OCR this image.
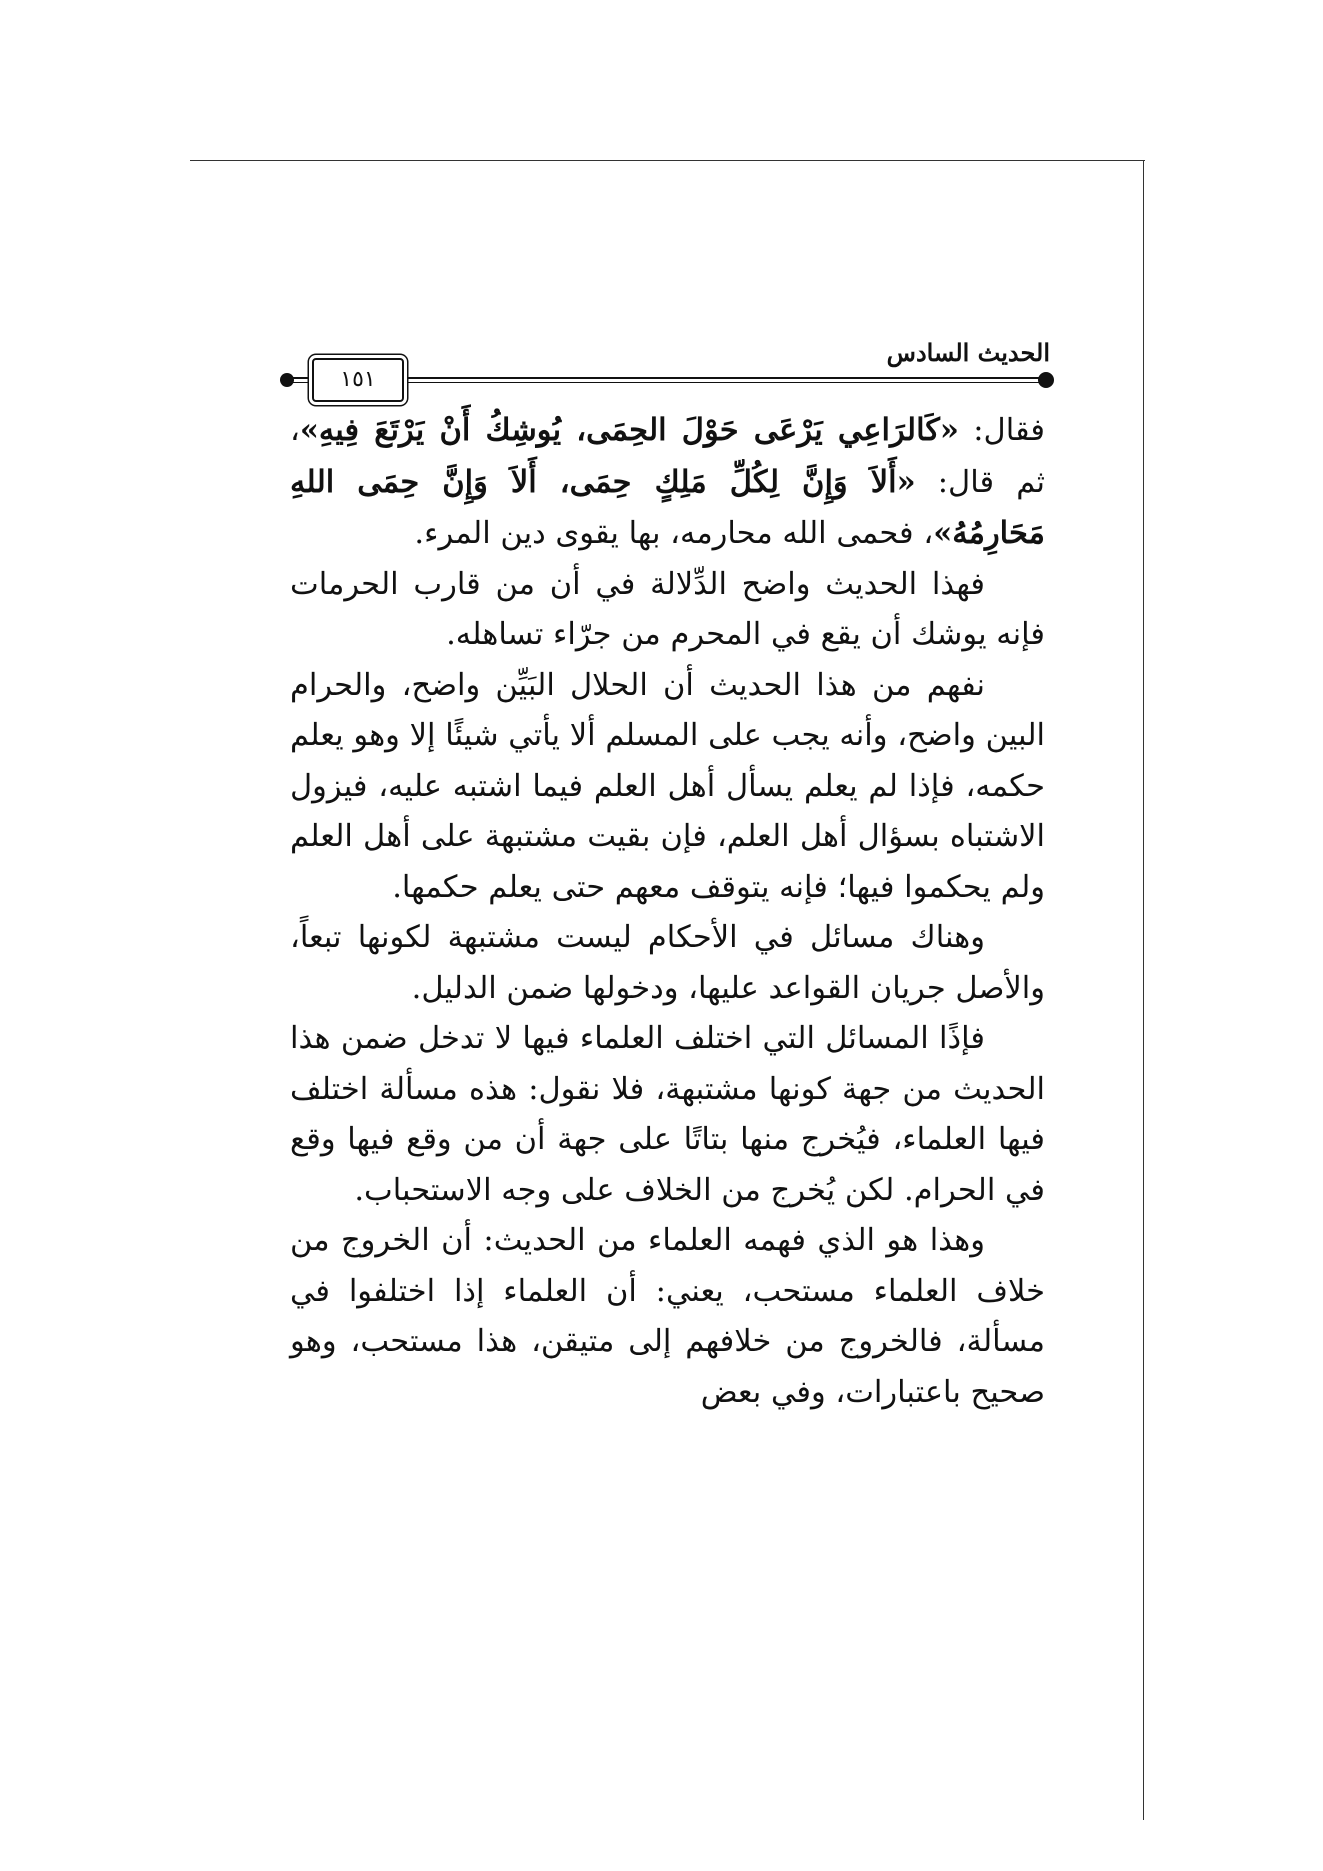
الحديث السادس
١٥١

فقال: «كَالرَاعِي يَرْعَى حَوْلَ الحِمَى، يُوشِكُ أَنْ يَرْتَعَ فِيهِ»، ثم قال: «أَلاَ وَإِنَّ لِكُلِّ مَلِكٍ حِمَى، أَلاَ وَإِنَّ حِمَى اللهِ مَحَارِمُهُ»، فحمى الله محارمه، بها يقوى دين المرء.

فهذا الحديث واضح الدِّلالة في أن من قارب الحرمات فإنه يوشك أن يقع في المحرم من جرّاء تساهله.

نفهم من هذا الحديث أن الحلال البَيِّن واضح، والحرام البين واضح، وأنه يجب على المسلم ألا يأتي شيئًا إلا وهو يعلم حكمه، فإذا لم يعلم يسأل أهل العلم فيما اشتبه عليه، فيزول الاشتباه بسؤال أهل العلم، فإن بقيت مشتبهة على أهل العلم ولم يحكموا فيها؛ فإنه يتوقف معهم حتى يعلم حكمها.

وهناك مسائل في الأحكام ليست مشتبهة لكونها تبعاً، والأصل جريان القواعد عليها، ودخولها ضمن الدليل.

فإذًا المسائل التي اختلف العلماء فيها لا تدخل ضمن هذا الحديث من جهة كونها مشتبهة، فلا نقول: هذه مسألة اختلف فيها العلماء، فيُخرج منها بتاتًا على جهة أن من وقع فيها وقع في الحرام. لكن يُخرج من الخلاف على وجه الاستحباب.

وهذا هو الذي فهمه العلماء من الحديث: أن الخروج من خلاف العلماء مستحب، يعني: أن العلماء إذا اختلفوا في مسألة، فالخروج من خلافهم إلى متيقن، هذا مستحب، وهو صحيح باعتبارات، وفي بعض
